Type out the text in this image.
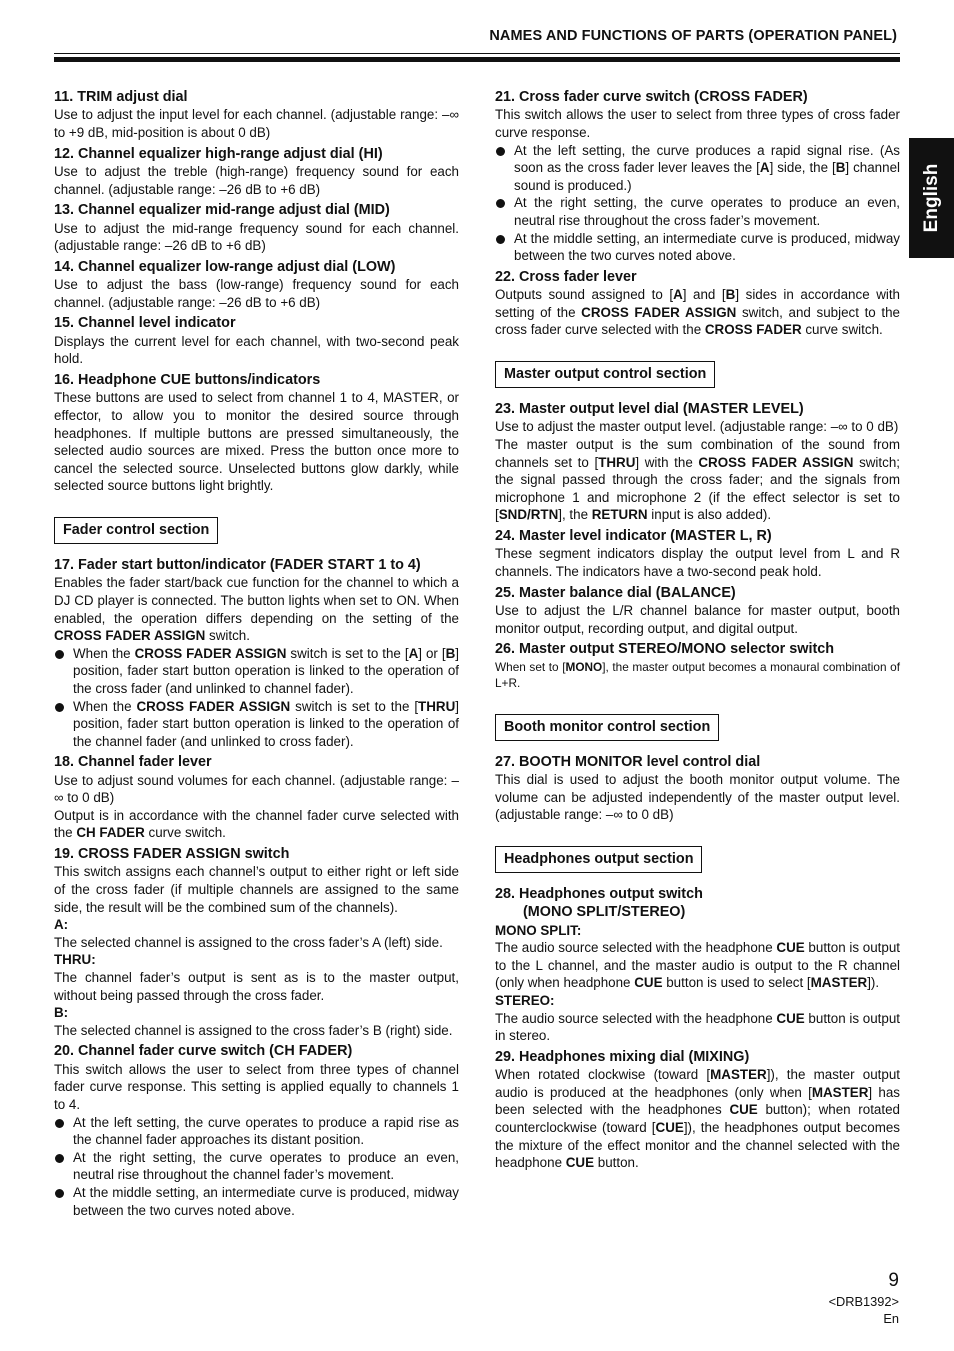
NAMES AND FUNCTIONS OF PARTS (OPERATION PANEL)
English
11. TRIM adjust dial

Use to adjust the input level for each channel. (adjustable range: –∞ to +9 dB, mid-position is about 0 dB)

12. Channel equalizer high-range adjust dial (HI)

Use to adjust the treble (high-range) frequency sound for each channel. (adjustable range: –26 dB to +6 dB)

13. Channel equalizer mid-range adjust dial (MID)

Use to adjust the mid-range frequency sound for each channel. (adjustable range: –26 dB to +6 dB)

14. Channel equalizer low-range adjust dial (LOW)

Use to adjust the bass (low-range) frequency sound for each channel. (adjustable range: –26 dB to +6 dB)

15. Channel level indicator

Displays the current level for each channel, with two-second peak hold.

16. Headphone CUE buttons/indicators

These buttons are used to select from channel 1 to 4, MASTER, or effector, to allow you to monitor the desired source through headphones. If multiple buttons are pressed simultaneously, the selected audio sources are mixed. Press the button once more to cancel the selected source. Unselected buttons glow darkly, while selected source buttons light brightly.

Fader control section
17. Fader start button/indicator (FADER START 1 to 4)

Enables the fader start/back cue function for the channel to which a DJ CD player is connected. The button lights when set to ON. When enabled, the operation differs depending on the setting of the CROSS FADER ASSIGN switch.

When the CROSS FADER ASSIGN switch is set to the [A] or [B] position, fader start button operation is linked to the operation of the cross fader (and unlinked to channel fader).
When the CROSS FADER ASSIGN switch is set to the [THRU] position, fader start button operation is linked to the operation of the channel fader (and unlinked to cross fader).
18. Channel fader lever

Use to adjust sound volumes for each channel. (adjustable range: –∞ to 0 dB)

Output is in accordance with the channel fader curve selected with the CH FADER curve switch.

19. CROSS FADER ASSIGN switch

This switch assigns each channel’s output to either right or left side of the cross fader (if multiple channels are assigned to the same side, the result will be the combined sum of the channels).

A:

The selected channel is assigned to the cross fader’s A (left) side.

THRU:

The channel fader’s output is sent as is to the master output, without being passed through the cross fader.

B:

The selected channel is assigned to the cross fader’s B (right) side.

20. Channel fader curve switch (CH FADER)

This switch allows the user to select from three types of channel fader curve response. This setting is applied equally to channels 1 to 4.

At the left setting, the curve operates to produce a rapid rise as the channel fader approaches its distant position.
At the right setting, the curve operates to produce an even, neutral rise throughout the channel fader’s movement.
At the middle setting, an intermediate curve is produced, midway between the two curves noted above.
21. Cross fader curve switch (CROSS FADER)

This switch allows the user to select from three types of cross fader curve response.

At the left setting, the curve produces a rapid signal rise. (As soon as the cross fader lever leaves the [A] side, the [B] channel sound is produced.)
At the right setting, the curve operates to produce an even, neutral rise throughout the cross fader’s movement.
At the middle setting, an intermediate curve is produced, midway between the two curves noted above.
22. Cross fader lever

Outputs sound assigned to [A] and [B] sides in accordance with setting of the CROSS FADER ASSIGN switch, and subject to the cross fader curve selected with the CROSS FADER curve switch.

Master output control section
23. Master output level dial (MASTER LEVEL)

Use to adjust the master output level. (adjustable range: –∞ to 0 dB)

The master output is the sum combination of the sound from channels set to [THRU] with the CROSS FADER ASSIGN switch; the signal passed through the cross fader; and the signals from microphone 1 and microphone 2 (if the effect selector is set to [SND/RTN], the RETURN input is also added).

24. Master level indicator (MASTER L, R)

These segment indicators display the output level from L and R channels. The indicators have a two-second peak hold.

25. Master balance dial (BALANCE)

Use to adjust the L/R channel balance for master output, booth monitor output, recording output, and digital output.

26. Master output STEREO/MONO selector switch

When set to [MONO], the master output becomes a monaural combination of L+R.

Booth monitor control section
27. BOOTH MONITOR level control dial

This dial is used to adjust the booth monitor output volume. The volume can be adjusted independently of the master output level. (adjustable range: –∞ to 0 dB)

Headphones output section
28. Headphones output switch
(MONO SPLIT/STEREO)

MONO SPLIT:

The audio source selected with the headphone CUE button is output to the L channel, and the master audio is output to the R channel (only when headphone CUE button is used to select [MASTER]).

STEREO:

The audio source selected with the headphone CUE button is output in stereo.

29. Headphones mixing dial (MIXING)

When rotated clockwise (toward [MASTER]), the master output audio is produced at the headphones (only when [MASTER] has been selected with the headphones CUE button); when rotated counterclockwise (toward [CUE]), the headphones output becomes the mixture of the effect monitor and the channel selected with the headphone CUE button.

9
<DRB1392>
En
